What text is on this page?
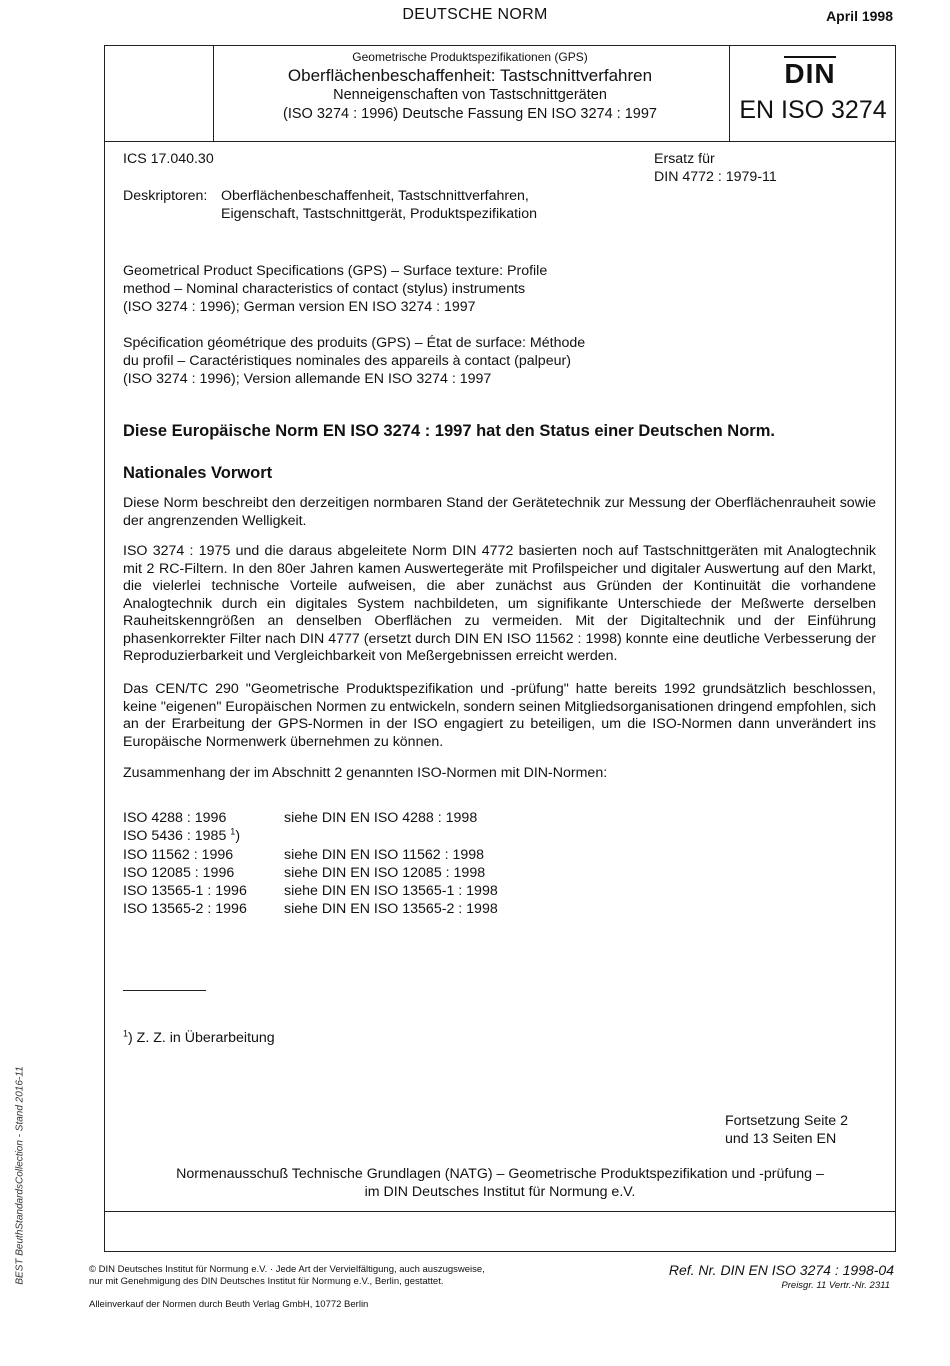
DEUTSCHE NORM	April 1998
Geometrische Produktspezifikationen (GPS)
Oberflächenbeschaffenheit: Tastschnittverfahren
Nenneigenschaften von Tastschnittgeräten
(ISO 3274 : 1996) Deutsche Fassung EN ISO 3274 : 1997
DIN
EN ISO 3274
ICS 17.040.30	Ersatz für
DIN 4772 : 1979-11
Deskriptoren: Oberflächenbeschaffenheit, Tastschnittverfahren,
Eigenschaft, Tastschnittgerät, Produktspezifikation
Geometrical Product Specifications (GPS) – Surface texture: Profile
method – Nominal characteristics of contact (stylus) instruments
(ISO 3274 : 1996); German version EN ISO 3274 : 1997
Spécification géométrique des produits (GPS) – État de surface: Méthode
du profil – Caractéristiques nominales des appareils à contact (palpeur)
(ISO 3274 : 1996); Version allemande EN ISO 3274 : 1997
Diese Europäische Norm EN ISO 3274 : 1997 hat den Status einer Deutschen Norm.
Nationales Vorwort
Diese Norm beschreibt den derzeitigen normbaren Stand der Gerätetechnik zur Messung der Oberflächenrauheit sowie der angrenzenden Welligkeit.
ISO 3274 : 1975 und die daraus abgeleitete Norm DIN 4772 basierten noch auf Tastschnittgeräten mit Analogtechnik mit 2 RC-Filtern. In den 80er Jahren kamen Auswertegeräte mit Profilspeicher und digitaler Auswertung auf den Markt, die vielerlei technische Vorteile aufweisen, die aber zunächst aus Gründen der Kontinuität die vorhandene Analogtechnik durch ein digitales System nachbildeten, um signifikante Unterschiede der Meßwerte derselben Rauheitskenngrößen an denselben Oberflächen zu vermeiden. Mit der Digitaltechnik und der Einführung phasenkorrekter Filter nach DIN 4777 (ersetzt durch DIN EN ISO 11562 : 1998) konnte eine deutliche Verbesserung der Reproduzierbarkeit und Vergleichbarkeit von Meßergebnissen erreicht werden.
Das CEN/TC 290 "Geometrische Produktspezifikation und -prüfung" hatte bereits 1992 grundsätzlich beschlossen, keine "eigenen" Europäischen Normen zu entwickeln, sondern seinen Mitgliedsorganisationen dringend empfohlen, sich an der Erarbeitung der GPS-Normen in der ISO engagiert zu beteiligen, um die ISO-Normen dann unverändert ins Europäische Normenwerk übernehmen zu können.
Zusammenhang der im Abschnitt 2 genannten ISO-Normen mit DIN-Normen:
ISO 4288 : 1996	siehe DIN EN ISO 4288 : 1998
ISO 5436 : 1985 $^1$)
ISO 11562 : 1996	siehe DIN EN ISO 11562 : 1998
ISO 12085 : 1996	siehe DIN EN ISO 12085 : 1998
ISO 13565-1 : 1996	siehe DIN EN ISO 13565-1 : 1998
ISO 13565-2 : 1996	siehe DIN EN ISO 13565-2 : 1998
$^1$) Z. Z. in Überarbeitung
Fortsetzung Seite 2
und 13 Seiten EN
Normenausschuß Technische Grundlagen (NATG) – Geometrische Produktspezifikation und -prüfung –
im DIN Deutsches Institut für Normung e.V.
© DIN Deutsches Institut für Normung e.V. · Jede Art der Vervielfältigung, auch auszugsweise,
nur mit Genehmigung des DIN Deutsches Institut für Normung e.V., Berlin, gestattet.
Alleinverkauf der Normen durch Beuth Verlag GmbH, 10772 Berlin
Ref. Nr. DIN EN ISO 3274 : 1998-04
Preisgr. 11 Vertr.-Nr. 2311
BEST BeuthStandardsCollection - Stand 2016-11
